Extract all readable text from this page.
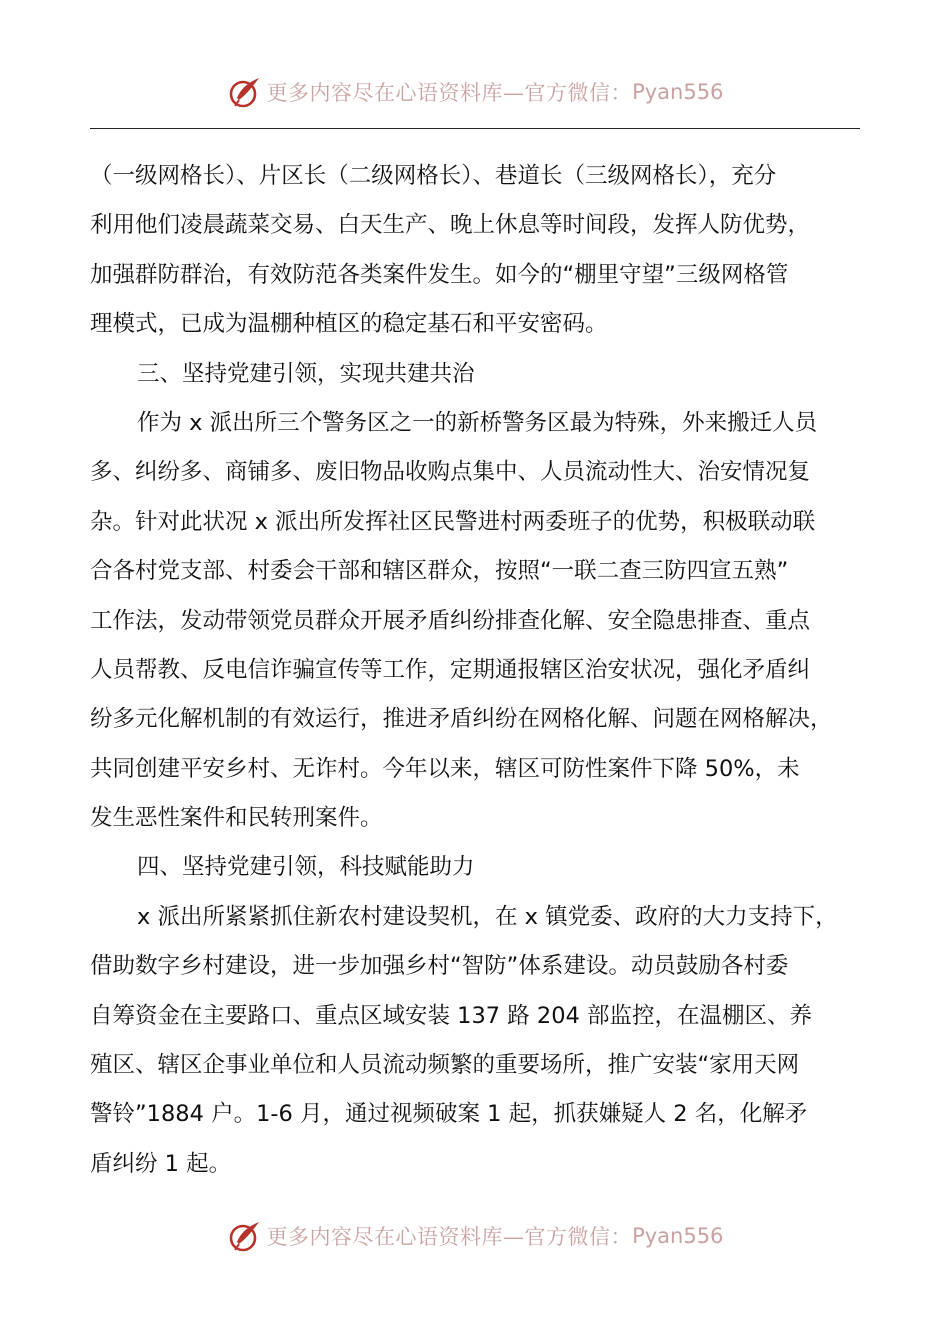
更多内容尽在心语资料库—官方微信： Pyan556
（一级网格长）、片区长（二级网格长）、巷道长（三级网格长），充分
利用他们凌晨蔬菜交易、白天生产、晚上休息等时间段，发挥人防优势，
加强群防群治，有效防范各类案件发生。如今的“棚里守望”三级网格管
理模式，已成为温棚种植区的稳定基石和平安密码。
三、坚持党建引领，实现共建共治
作为 x 派出所三个警务区之一的新桥警务区最为特殊，外来搬迁人员
多、纠纷多、商铺多、废旧物品收购点集中、人员流动性大、治安情况复
杂。针对此状况 x 派出所发挥社区民警进村两委班子的优势，积极联动联
合各村党支部、村委会干部和辖区群众，按照“一联二查三防四宣五熟”
工作法，发动带领党员群众开展矛盾纠纷排查化解、安全隐患排查、重点
人员帮教、反电信诈骗宣传等工作，定期通报辖区治安状况，强化矛盾纠
纷多元化解机制的有效运行，推进矛盾纠纷在网格化解、问题在网格解决，
共同创建平安乡村、无诈村。今年以来，辖区可防性案件下降 50%，未
发生恶性案件和民转刑案件。
四、坚持党建引领，科技赋能助力
x 派出所紧紧抓住新农村建设契机，在 x 镇党委、政府的大力支持下，
借助数字乡村建设，进一步加强乡村“智防”体系建设。动员鼓励各村委
自筹资金在主要路口、重点区域安装 137 路 204 部监控，在温棚区、养
殖区、辖区企事业单位和人员流动频繁的重要场所，推广安装“家用天网
警铃”1884 户。1-6 月，通过视频破案 1 起，抓获嫌疑人 2 名，化解矛
盾纠纷 1 起。
更多内容尽在心语资料库—官方微信： Pyan556
